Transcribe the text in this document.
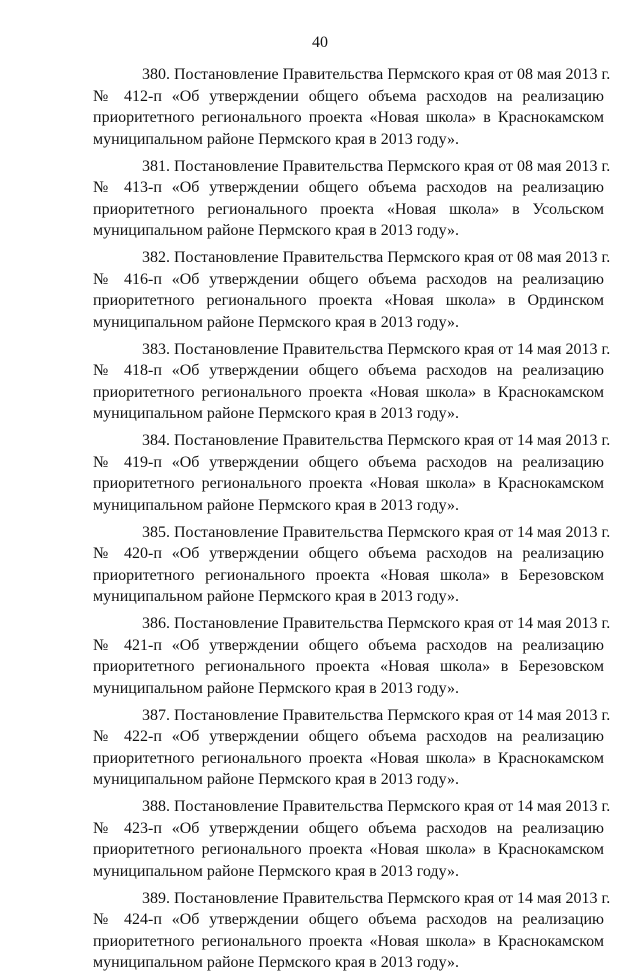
40

380. Постановление Правительства Пермского края от 08 мая 2013 г.
№ 412-п «Об утверждении общего объема расходов на реализацию
приоритетного регионального проекта «Новая школа» в Краснокамском
муниципальном районе Пермского края в 2013 году».

381. Постановление Правительства Пермского края от 08 мая 2013 г.
№ 413-п «Об утверждении общего объема расходов на реализацию
приоритетного регионального проекта «Новая школа» в Усольском
муниципальном районе Пермского края в 2013 году».

382. Постановление Правительства Пермского края от 08 мая 2013 г.
№ 416-п «Об утверждении общего объема расходов на реализацию
приоритетного регионального проекта «Новая школа» в Ординском
муниципальном районе Пермского края в 2013 году».

383. Постановление Правительства Пермского края от 14 мая 2013 г.
№ 418-п «Об утверждении общего объема расходов на реализацию
приоритетного регионального проекта «Новая школа» в Краснокамском
муниципальном районе Пермского края в 2013 году».

384. Постановление Правительства Пермского края от 14 мая 2013 г.
№ 419-п «Об утверждении общего объема расходов на реализацию
приоритетного регионального проекта «Новая школа» в Краснокамском
муниципальном районе Пермского края в 2013 году».

385. Постановление Правительства Пермского края от 14 мая 2013 г.
№ 420-п «Об утверждении общего объема расходов на реализацию
приоритетного регионального проекта «Новая школа» в Березовском
муниципальном районе Пермского края в 2013 году».

386. Постановление Правительства Пермского края от 14 мая 2013 г.
№ 421-п «Об утверждении общего объема расходов на реализацию
приоритетного регионального проекта «Новая школа» в Березовском
муниципальном районе Пермского края в 2013 году».

387. Постановление Правительства Пермского края от 14 мая 2013 г.
№ 422-п «Об утверждении общего объема расходов на реализацию
приоритетного регионального проекта «Новая школа» в Краснокамском
муниципальном районе Пермского края в 2013 году».

388. Постановление Правительства Пермского края от 14 мая 2013 г.
№ 423-п «Об утверждении общего объема расходов на реализацию
приоритетного регионального проекта «Новая школа» в Краснокамском
муниципальном районе Пермского края в 2013 году».

389. Постановление Правительства Пермского края от 14 мая 2013 г.
№ 424-п «Об утверждении общего объема расходов на реализацию
приоритетного регионального проекта «Новая школа» в Краснокамском
муниципальном районе Пермского края в 2013 году».
